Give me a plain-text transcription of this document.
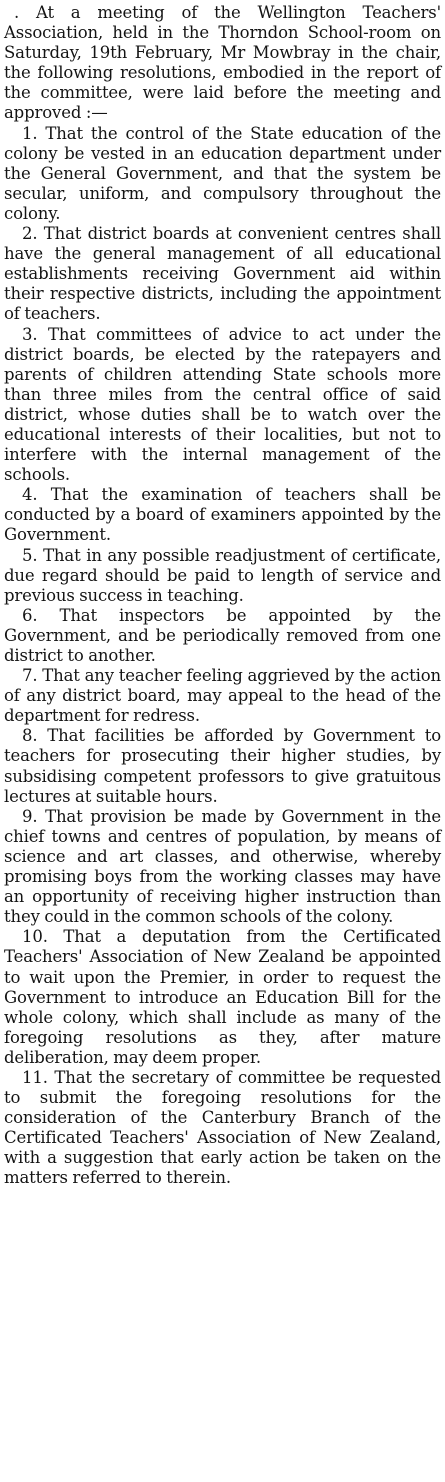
. At a meeting of the Wellington Teachers' Association, held in the Thorndon School-room on Saturday, 19th February, Mr Mowbray in the chair, the following resolutions, embodied in the report of the committee, were laid before the meeting and approved :—

1. That the control of the State education of the colony be vested in an education department under the General Government, and that the system be secular, uniform, and compulsory throughout the colony.

2. That district boards at convenient centres shall have the general management of all educational establishments receiving Government aid within their respective districts, including the appointment of teachers.

3. That committees of advice to act under the district boards, be elected by the ratepayers and parents of children attending State schools more than three miles from the central office of said district, whose duties shall be to watch over the educational interests of their localities, but not to interfere with the internal management of the schools.

4. That the examination of teachers shall be conducted by a board of examiners appointed by the Government.

5. That in any possible readjustment of certificate, due regard should be paid to length of service and previous success in teaching.

6. That inspectors be appointed by the Government, and be periodically removed from one district to another.

7. That any teacher feeling aggrieved by the action of any district board, may appeal to the head of the department for redress.

8. That facilities be afforded by Government to teachers for prosecuting their higher studies, by subsidising competent professors to give gratuitous lectures at suitable hours.

9. That provision be made by Government in the chief towns and centres of population, by means of science and art classes, and otherwise, whereby promising boys from the working classes may have an opportunity of receiving higher instruction than they could in the common schools of the colony.

10. That a deputation from the Certificated Teachers' Association of New Zealand be appointed to wait upon the Premier, in order to request the Government to introduce an Education Bill for the whole colony, which shall include as many of the foregoing resolutions as they, after mature deliberation, may deem proper.

11. That the secretary of committee be requested to submit the foregoing resolutions for the consideration of the Canterbury Branch of the Certificated Teachers' Association of New Zealand, with a suggestion that early action be taken on the matters referred to therein.
